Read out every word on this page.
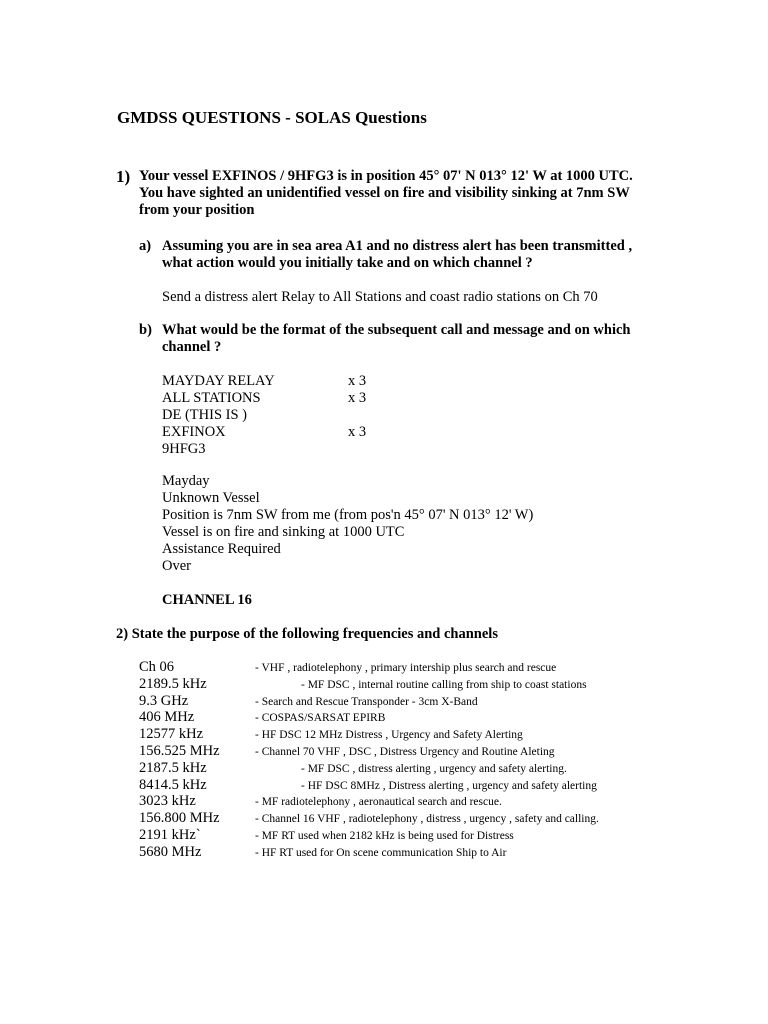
GMDSS QUESTIONS - SOLAS Questions
1) Your vessel EXFINOS / 9HFG3 is in position 45° 07' N 013° 12' W at 1000 UTC. You have sighted an unidentified vessel on fire and visibility sinking at 7nm SW from your position
a) Assuming you are in sea area A1 and no distress alert has been transmitted , what action would you initially take and on which channel ?
Send a distress alert Relay to All Stations and coast radio stations on Ch 70
b) What would be the format of the subsequent call and message and on which channel ?
MAYDAY RELAY	x 3
ALL STATIONS	x 3
DE (THIS IS )
EXFINOX	x 3
9HFG3
Mayday
Unknown Vessel
Position is 7nm SW from me (from pos'n 45° 07' N 013° 12' W)
Vessel is on fire and sinking at 1000 UTC
Assistance Required
Over
CHANNEL 16
2) State the purpose of the following frequencies and channels
Ch 06	- VHF , radiotelephony , primary intership plus search and rescue
2189.5 kHz	- MF DSC , internal routine calling from ship to coast stations
9.3 GHz	- Search and Rescue Transponder - 3cm X-Band
406 MHz	- COSPAS/SARSAT EPIRB
12577 kHz	- HF DSC 12 MHz Distress , Urgency and Safety Alerting
156.525 MHz	- Channel 70 VHF , DSC , Distress Urgency and Routine Aleting
2187.5 kHz	- MF DSC , distress alerting , urgency and safety alerting.
8414.5 kHz	- HF DSC 8MHz , Distress alerting , urgency and safety alerting
3023 kHz	- MF radiotelephony , aeronautical search and rescue.
156.800 MHz	- Channel 16 VHF , radiotelephony , distress , urgency , safety and calling.
2191 kHz`	- MF RT used when 2182 kHz is being used for Distress
5680 MHz	- HF RT used for On scene communication Ship to Air
